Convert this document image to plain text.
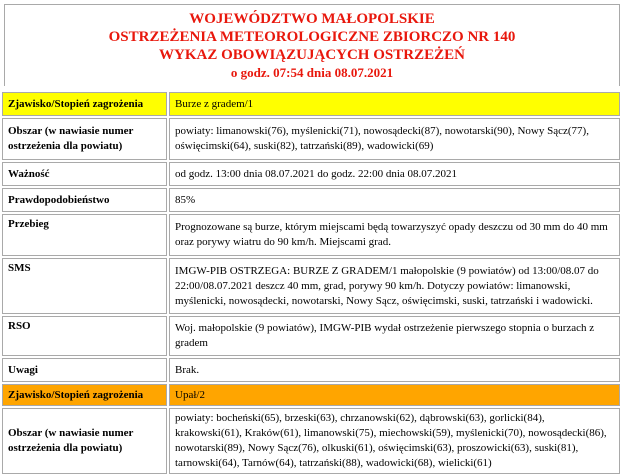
WOJEWÓDZTWO MAŁOPOLSKIE
OSTRZEŻENIA METEOROLOGICZNE ZBIORCZO NR 140
WYKAZ OBOWIĄZUJĄCYCH OSTRZEŻEŃ
o godz. 07:54 dnia 08.07.2021
Zjawisko/Stopień zagrożenia	Burze z gradem/1
Obszar (w nawiasie numer ostrzeżenia dla powiatu)	powiaty: limanowski(76), myślenicki(71), nowosądecki(87), nowotarski(90), Nowy Sącz(77), oświęcimski(64), suski(82), tatrzański(89), wadowicki(69)
Ważność	od godz. 13:00 dnia 08.07.2021 do godz. 22:00 dnia 08.07.2021
Prawdopodobieństwo	85%
Przebieg	Prognozowane są burze, którym miejscami będą towarzyszyć opady deszczu od 30 mm do 40 mm oraz porywy wiatru do 90 km/h. Miejscami grad.
SMS	IMGW-PIB OSTRZEGA: BURZE Z GRADEM/1 małopolskie (9 powiatów) od 13:00/08.07 do 22:00/08.07.2021 deszcz 40 mm, grad, porywy 90 km/h. Dotyczy powiatów: limanowski, myślenicki, nowosądecki, nowotarski, Nowy Sącz, oświęcimski, suski, tatrzański i wadowicki.
RSO	Woj. małopolskie (9 powiatów), IMGW-PIB wydał ostrzeżenie pierwszego stopnia o burzach z gradem
Uwagi	Brak.
Zjawisko/Stopień zagrożenia	Upał/2
Obszar (w nawiasie numer ostrzeżenia dla powiatu)	powiaty: bocheński(65), brzeski(63), chrzanowski(62), dąbrowski(63), gorlicki(84), krakowski(61), Kraków(61), limanowski(75), miechowski(59), myślenicki(70), nowosądecki(86), nowotarski(89), Nowy Sącz(76), olkuski(61), oświęcimski(63), proszowicki(63), suski(81), tarnowski(64), Tarnów(64), tatrzański(88), wadowicki(68), wielicki(61)
